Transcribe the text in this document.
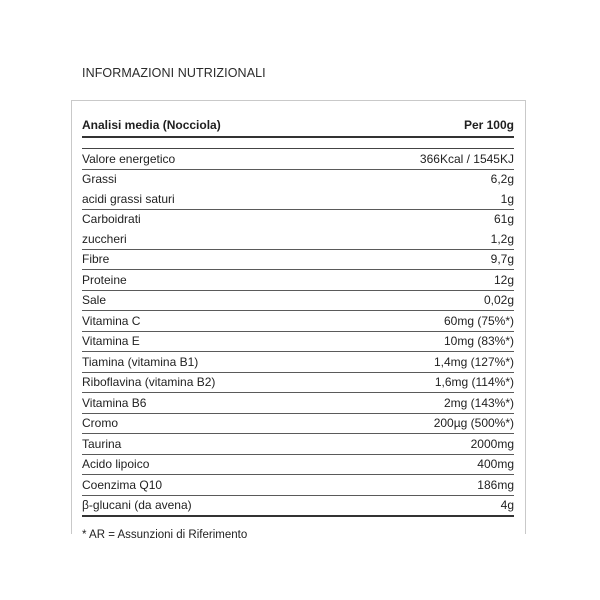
INFORMAZIONI NUTRIZIONALI
Analisi media (Nocciola)	Per 100g
Valore energetico	366Kcal / 1545KJ
Grassi	6,2g
acidi grassi saturi	1g
Carboidrati	61g
zuccheri	1,2g
Fibre	9,7g
Proteine	12g
Sale	0,02g
Vitamina C	60mg (75%*)
Vitamina E	10mg (83%*)
Tiamina (vitamina B1)	1,4mg (127%*)
Riboflavina (vitamina B2)	1,6mg (114%*)
Vitamina B6	2mg (143%*)
Cromo	200µg (500%*)
Taurina	2000mg
Acido lipoico	400mg
Coenzima Q10	186mg
β-glucani (da avena)	4g
* AR = Assunzioni di Riferimento
